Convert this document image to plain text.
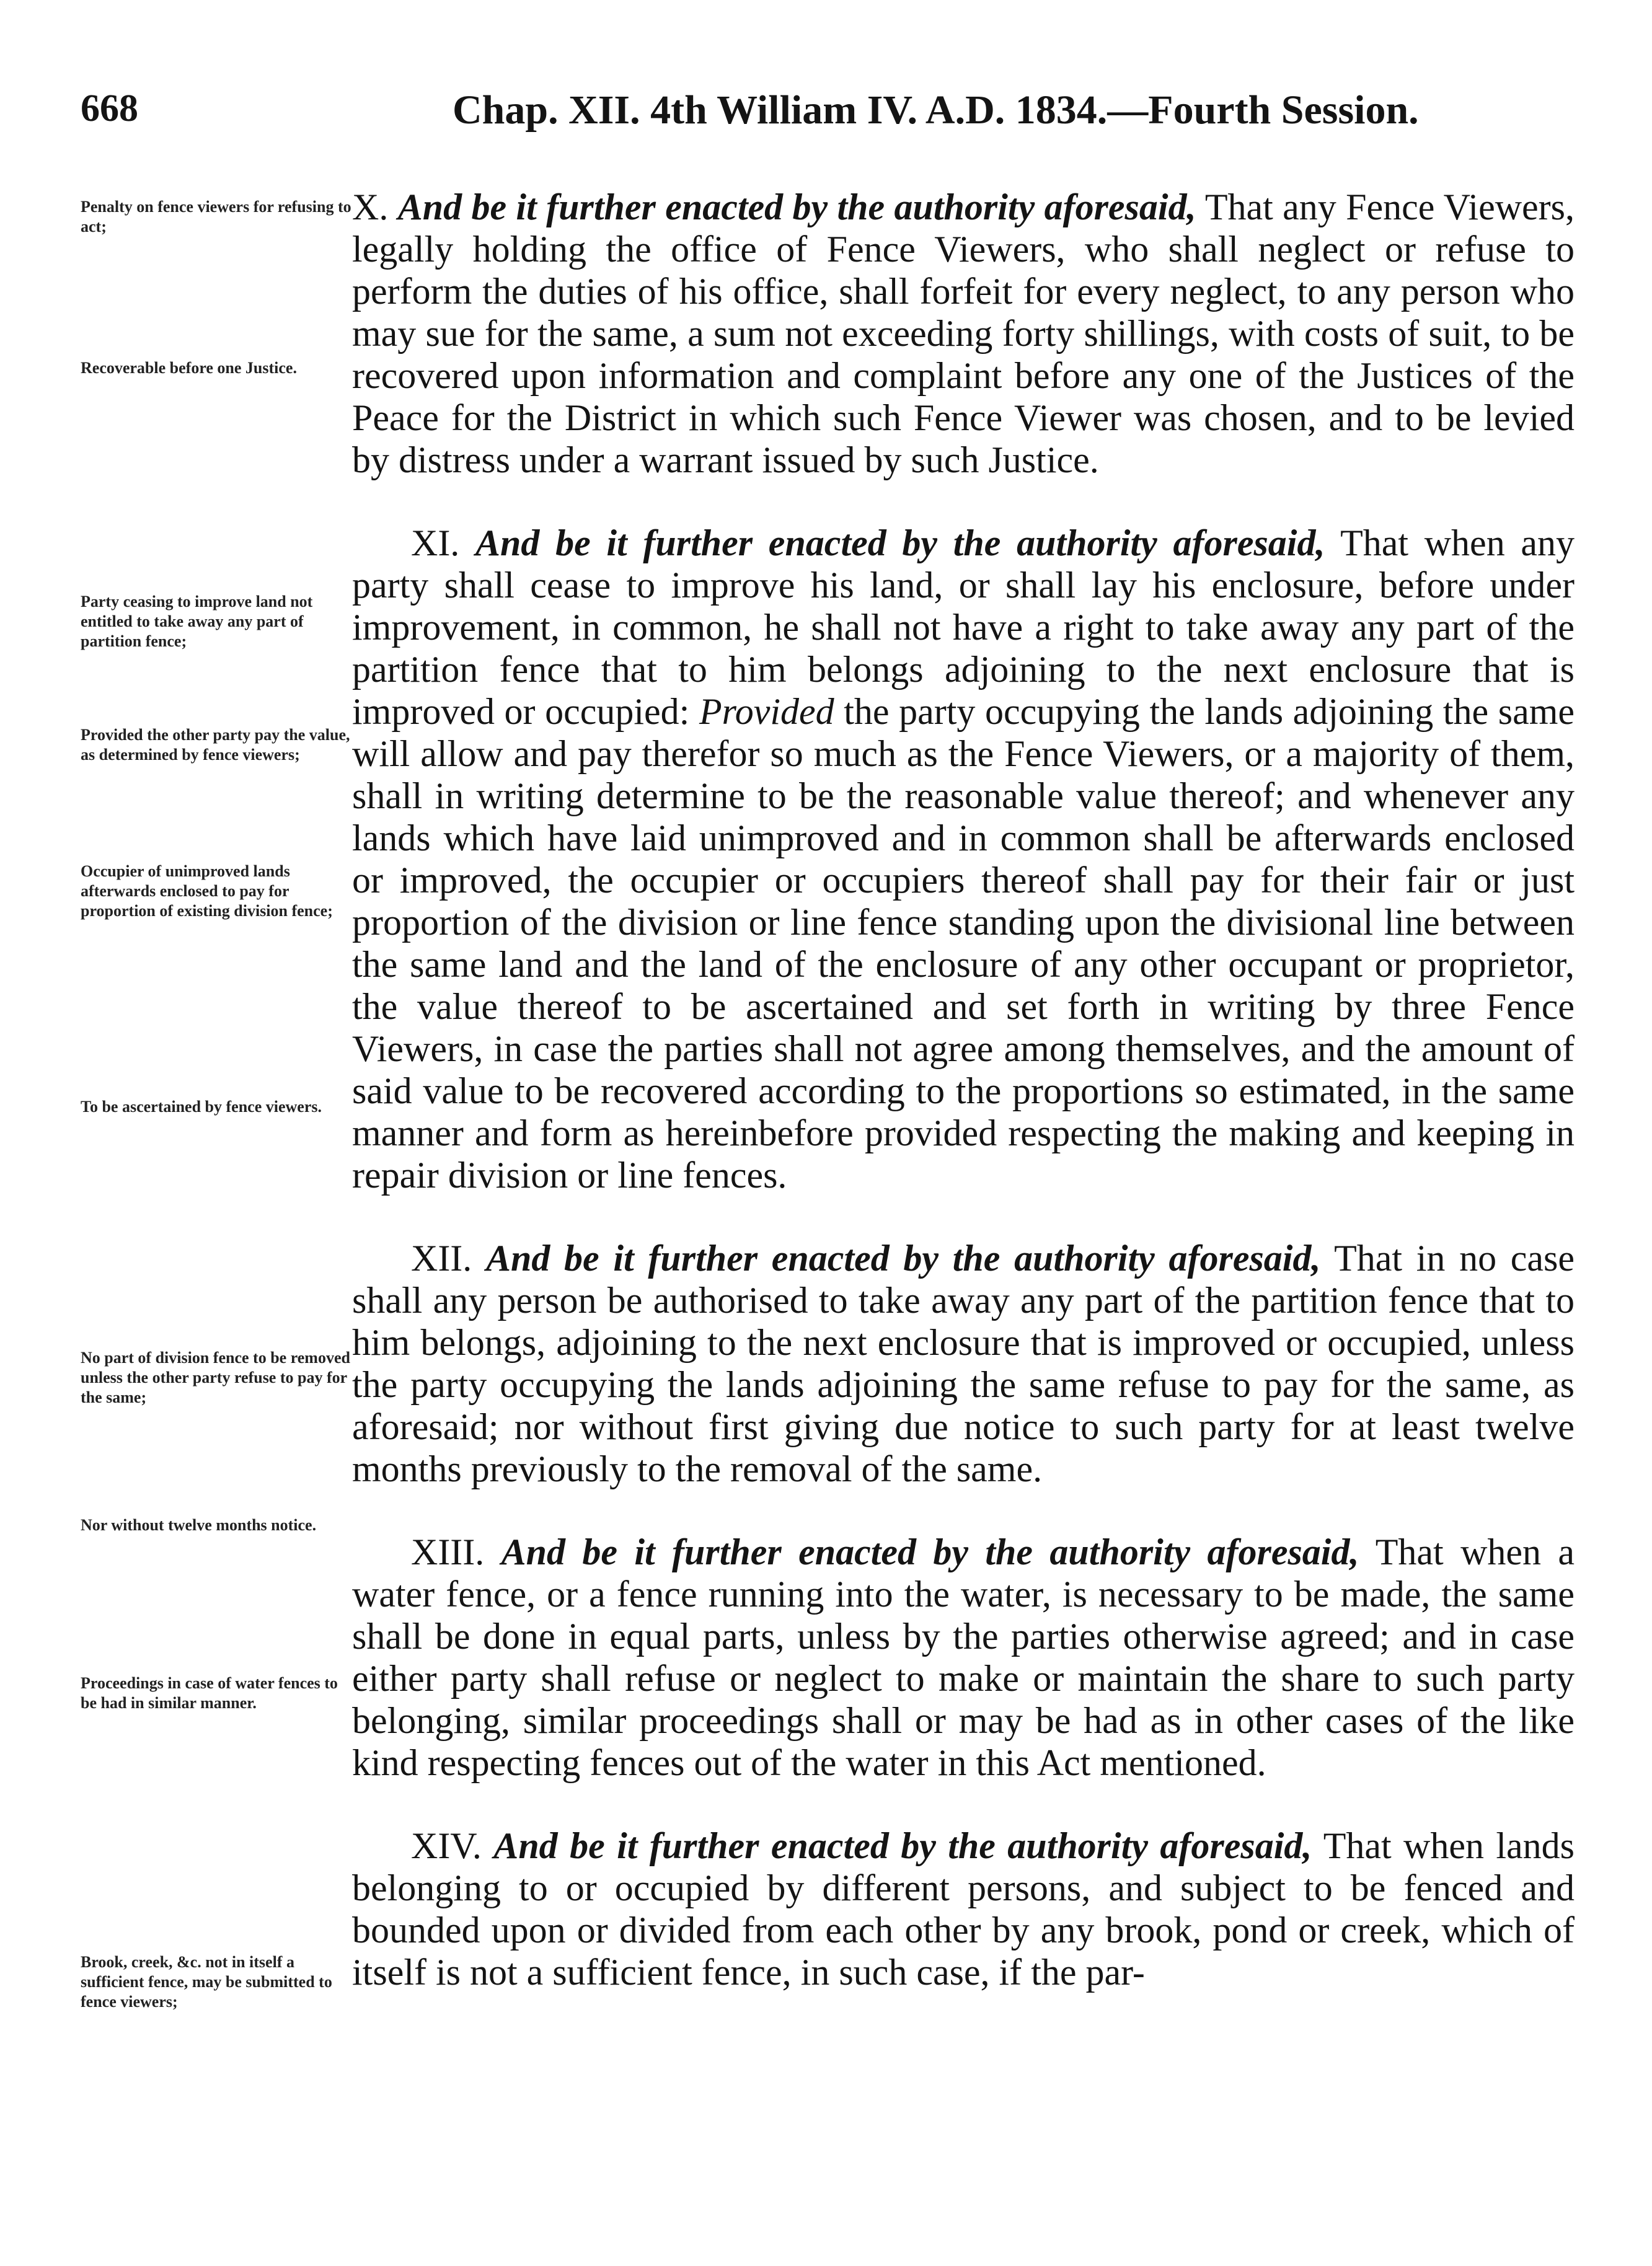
668	Chap. XII. 4th William IV. A.D. 1834.—Fourth Session.
Penalty on fence viewers for refusing to act;
Recoverable before one Justice.
Party ceasing to improve land not entitled to take away any part of partition fence;
Provided the other party pay the value, as determined by fence viewers;
Occupier of unimproved lands afterwards enclosed to pay for proportion of existing division fence;
To be ascertained by fence viewers.
No part of division fence to be removed unless the other party refuse to pay for the same;
Nor without twelve months notice.
Proceedings in case of water fences to be had in similar manner.
Brook, creek, &c. not in itself a sufficient fence, may be submitted to fence viewers;

X. And be it further enacted by the authority aforesaid, That any Fence Viewers, legally holding the office of Fence Viewers, who shall neglect or refuse to perform the duties of his office, shall forfeit for every neglect, to any person who may sue for the same, a sum not exceeding forty shillings, with costs of suit, to be recovered upon information and complaint before any one of the Justices of the Peace for the District in which such Fence Viewer was chosen, and to be levied by distress under a warrant issued by such Justice.

XI. And be it further enacted by the authority aforesaid, That when any party shall cease to improve his land, or shall lay his enclosure, before under improvement, in common, he shall not have a right to take away any part of the partition fence that to him belongs adjoining to the next enclosure that is improved or occupied: Provided the party occupying the lands adjoining the same will allow and pay therefor so much as the Fence Viewers, or a majority of them, shall in writing determine to be the reasonable value thereof; and whenever any lands which have laid unimproved and in common shall be afterwards enclosed or improved, the occupier or occupiers thereof shall pay for their fair or just proportion of the division or line fence standing upon the divisional line between the same land and the land of the enclosure of any other occupant or proprietor, the value thereof to be ascertained and set forth in writing by three Fence Viewers, in case the parties shall not agree among themselves, and the amount of said value to be recovered according to the proportions so estimated, in the same manner and form as hereinbefore provided respecting the making and keeping in repair division or line fences.

XII. And be it further enacted by the authority aforesaid, That in no case shall any person be authorised to take away any part of the partition fence that to him belongs, adjoining to the next enclosure that is improved or occupied, unless the party occupying the lands adjoining the same refuse to pay for the same, as aforesaid; nor without first giving due notice to such party for at least twelve months previously to the removal of the same.

XIII. And be it further enacted by the authority aforesaid, That when a water fence, or a fence running into the water, is necessary to be made, the same shall be done in equal parts, unless by the parties otherwise agreed; and in case either party shall refuse or neglect to make or maintain the share to such party belonging, similar proceedings shall or may be had as in other cases of the like kind respecting fences out of the water in this Act mentioned.

XIV. And be it further enacted by the authority aforesaid, That when lands belonging to or occupied by different persons, and subject to be fenced and bounded upon or divided from each other by any brook, pond or creek, which of itself is not a sufficient fence, in such case, if the par-
